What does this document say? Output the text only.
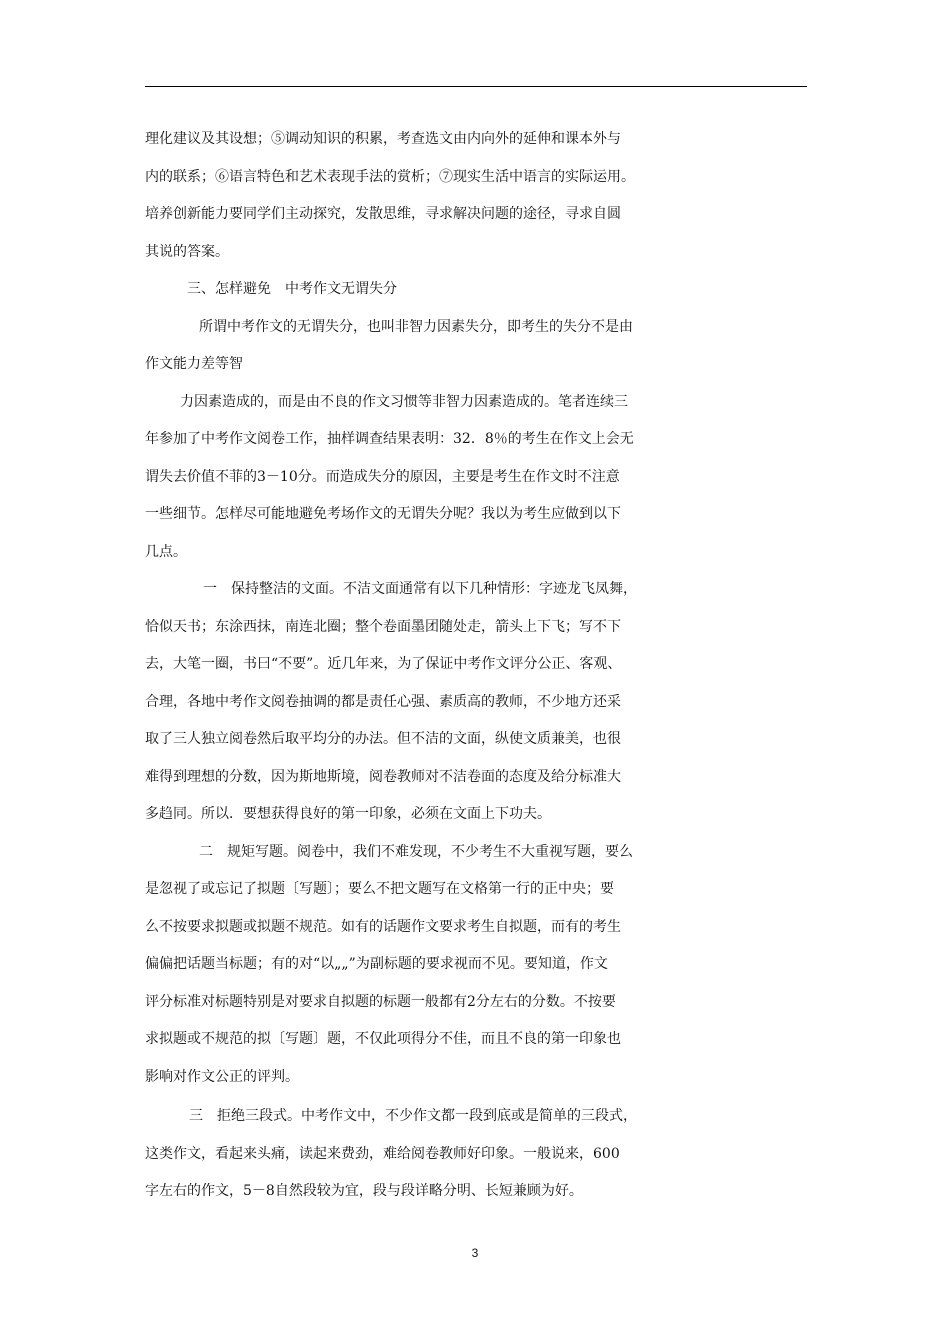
理化建议及其设想；⑤调动知识的积累，考查选文由内向外的延伸和课本外与

内的联系；⑥语言特色和艺术表现手法的赏析；⑦现实生活中语言的实际运用。

培养创新能力要同学们主动探究，发散思维，寻求解决问题的途径，寻求自圆

其说的答案。

三、怎样避免　中考作文无谓失分

所谓中考作文的无谓失分，也叫非智力因素失分，即考生的失分不是由

作文能力差等智

力因素造成的，而是由不良的作文习惯等非智力因素造成的。笔者连续三

年参加了中考作文阅卷工作，抽样调查结果表明：32．8％的考生在作文上会无

谓失去价值不菲的3－10分。而造成失分的原因，主要是考生在作文时不注意

一些细节。怎样尽可能地避免考场作文的无谓失分呢？我以为考生应做到以下

几点。

一　保持整洁的文面。不洁文面通常有以下几种情形：字迹龙飞凤舞，

恰似天书；东涂西抹，南连北圈；整个卷面墨团随处走，箭头上下飞；写不下

去，大笔一圈，书曰“不要”。近几年来，为了保证中考作文评分公正、客观、

合理，各地中考作文阅卷抽调的都是责任心强、素质高的教师，不少地方还采

取了三人独立阅卷然后取平均分的办法。但不洁的文面，纵使文质兼美，也很

难得到理想的分数，因为斯地斯境，阅卷教师对不洁卷面的态度及给分标准大

多趋同。所以．要想获得良好的第一印象，必须在文面上下功夫。

二　规矩写题。阅卷中，我们不难发现，不少考生不大重视写题，要么

是忽视了或忘记了拟题〔写题〕；要么不把文题写在文格第一行的正中央；要

么不按要求拟题或拟题不规范。如有的话题作文要求考生自拟题，而有的考生

偏偏把话题当标题；有的对“以„„”为副标题的要求视而不见。要知道，作文

评分标准对标题特别是对要求自拟题的标题一般都有2分左右的分数。不按要

求拟题或不规范的拟〔写题〕题，不仅此项得分不佳，而且不良的第一印象也

影响对作文公正的评判。

三　拒绝三段式。中考作文中，不少作文都一段到底或是简单的三段式，

这类作文，看起来头痛，读起来费劲，难给阅卷教师好印象。一般说来，600

字左右的作文，5－8自然段较为宜，段与段详略分明、长短兼顾为好。

3
